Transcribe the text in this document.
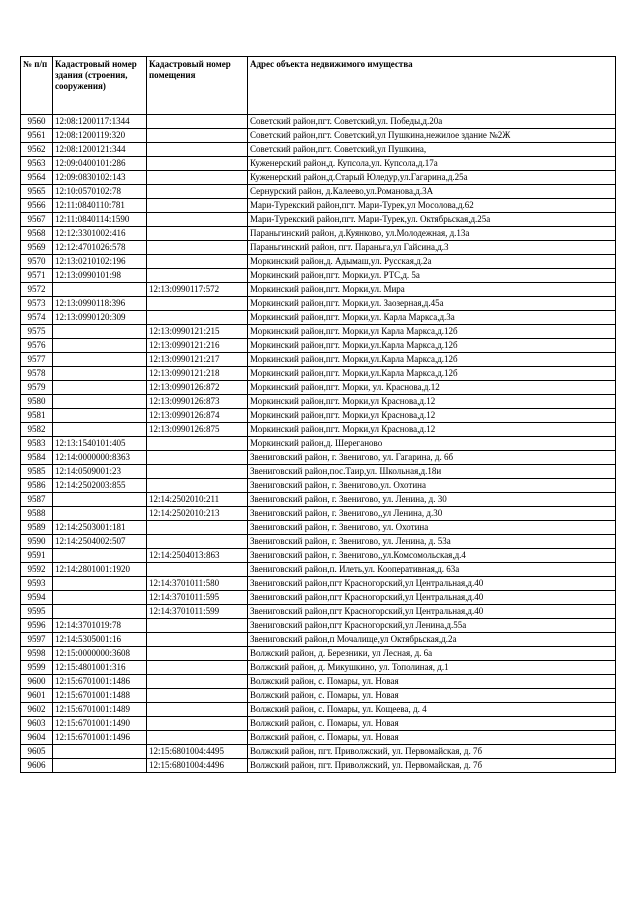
№ п/п	Кадастровый номер здания (строения, сооружения)	Кадастровый номер помещения	Адрес объекта недвижимого имущества
9560	12:08:1200117:1344		Советский район,пгт. Советский,ул. Победы,д.20а
9561	12:08:1200119:320		Советский район,пгт. Советский,ул Пушкина,нежилое здание №2Ж
9562	12:08:1200121:344		Советский район,пгт. Советский,ул Пушкина,
9563	12:09:0400101:286		Куженерский район,д. Купсола,ул. Купсола,д.17а
9564	12:09:0830102:143		Куженерский район,д.Старый Юледур,ул.Гагарина,д.25а
9565	12:10:0570102:78		Сернурский район, д.Калеево,ул.Романова,д.3А
9566	12:11:0840110:781		Мари-Турекский район,пгт. Мари-Турек,ул Мосолова,д.62
9567	12:11:0840114:1590		Мари-Турекский район,пгт. Мари-Турек,ул. Октябрьская,д.25а
9568	12:12:3301002:416		Параньгинский район, д.Куянково, ул.Молодежная, д.13а
9569	12:12:4701026:578		Параньгинский район, пгт. Параньга,ул Гайсина,д.3
9570	12:13:0210102:196		Моркинский район,д. Адымаш,ул. Русская,д.2а
9571	12:13:0990101:98		Моркинский район,пгт. Морки,ул. РТС,д. 5а
9572		12:13:0990117:572	Моркинский район,пгт. Морки,ул. Мира
9573	12:13:0990118:396		Моркинский район,пгт. Морки,ул. Заозерная,д.45а
9574	12:13:0990120:309		Моркинский район,пгт. Морки,ул. Карла Маркса,д.3а
9575		12:13:0990121:215	Моркинский район,пгт. Морки,ул Карла Маркса,д.12б
9576		12:13:0990121:216	Моркинский район,пгт. Морки,ул.Карла Маркса,д.12б
9577		12:13:0990121:217	Моркинский район,пгт. Морки,ул.Карла Маркса,д.12б
9578		12:13:0990121:218	Моркинский район,пгт. Морки,ул.Карла Маркса,д.12б
9579		12:13:0990126:872	Моркинский район,пгт. Морки, ул. Краснова,д.12
9580		12:13:0990126:873	Моркинский район,пгт. Морки,ул Краснова,д.12
9581		12:13:0990126:874	Моркинский район,пгт. Морки,ул Краснова,д.12
9582		12:13:0990126:875	Моркинский район,пгт. Морки,ул Краснова,д.12
9583	12:13:1540101:405		Моркинский район,д. Шереганово
9584	12:14:0000000:8363		Звениговский район, г. Звенигово, ул. Гагарина, д. 6б
9585	12:14:0509001:23		Звениговский район,пос.Таир,ул. Школьная,д.18и
9586	12:14:2502003:855		Звениговский район, г. Звенигово,ул. Охотина
9587		12:14:2502010:211	Звениговский район, г. Звенигово, ул. Ленина, д. 30
9588		12:14:2502010:213	Звениговский район, г. Звенигово,,ул Ленина, д.30
9589	12:14:2503001:181		Звениговский район, г. Звенигово, ул. Охотина
9590	12:14:2504002:507		Звениговский район, г. Звенигово, ул. Ленина, д. 53а
9591		12:14:2504013:863	Звениговский район, г. Звенигово,,ул.Комсомольская,д.4
9592	12:14:2801001:1920		Звениговский район,п. Илеть,ул. Кооперативная,д. 63а
9593		12:14:3701011:580	Звениговский район,пгт Красногорский,ул Центральная,д.40
9594		12:14:3701011:595	Звениговский район,пгт Красногорский,ул Центральная,д.40
9595		12:14:3701011:599	Звениговский район,пгт Красногорский,ул Центральная,д.40
9596	12:14:3701019:78		Звениговский район,пгт Красногорский,ул Ленина,д.55а
9597	12:14:5305001:16		Звениговский район,п Мочалище,ул Октябрьская,д.2а
9598	12:15:0000000:3608		Волжский район, д. Березники, ул Лесная, д. 6а
9599	12:15:4801001:316		Волжский район, д. Микушкино, ул. Тополиная, д.1
9600	12:15:6701001:1486		Волжский район, с. Помары, ул. Новая
9601	12:15:6701001:1488		Волжский район, с. Помары, ул. Новая
9602	12:15:6701001:1489		Волжский район, с. Помары, ул. Кощеева, д. 4
9603	12:15:6701001:1490		Волжский район, с. Помары, ул. Новая
9604	12:15:6701001:1496		Волжский район, с. Помары, ул. Новая
9605		12:15:6801004:4495	Волжский район, пгт. Приволжский, ул. Первомайская, д. 7б
9606		12:15:6801004:4496	Волжский район, пгт. Приволжский, ул. Первомайская, д. 7б
